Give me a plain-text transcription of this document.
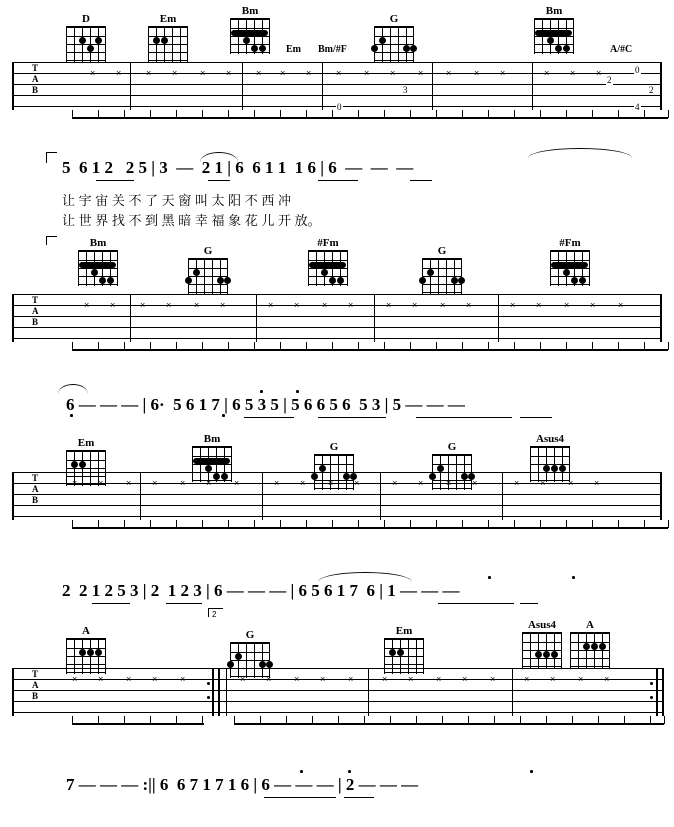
D	Em
Bm
G
Bm
Em Bm/#F	A/#C
T
A
B
× ×	× ×	× ×	× × ×	×	× ×	×	×	× ×	× × ×
0
3
2
0
2
4
5  6 1 2   2 5 | 3  —  2 1 | 6  6 1 1  1 6 | 6  —  —  —
让 宇 宙 关 不 了 天 窗 叫 太 阳 不 西 冲
让 世 界 找 不 到 黑 暗 幸 福 象 花 儿 开 放。
Bm
G
#Fm
G
#Fm
T
A
B
× ×	× ×	× ×	× ×	× ×	× ×	× ×	× ×	× ×	×
6 — — — | 6·  5 6 1 7 | 6 5 3 5 | 5 6 6 5 6  5 3 | 5 — — —
Em	Bm
G	G
Asus4
T
A
B
× ×	× ×	× ×	×	× ×	× ×	× ×	× ×	× ×	× ×
2  2 1 2 5 3 | 2  1 2 3 | 6 — — — | 6 5 6 1 7  6 | 1 — — —
2
A	G	Em	Asus4	A
T
A
B
× ×	× ×	×	× ×	× ×	×	× ×	× ×	×	× ×	× ×
7 — — — :|| 6  6 7 1 7 1 6 | 6 — — — | 2 — — —
